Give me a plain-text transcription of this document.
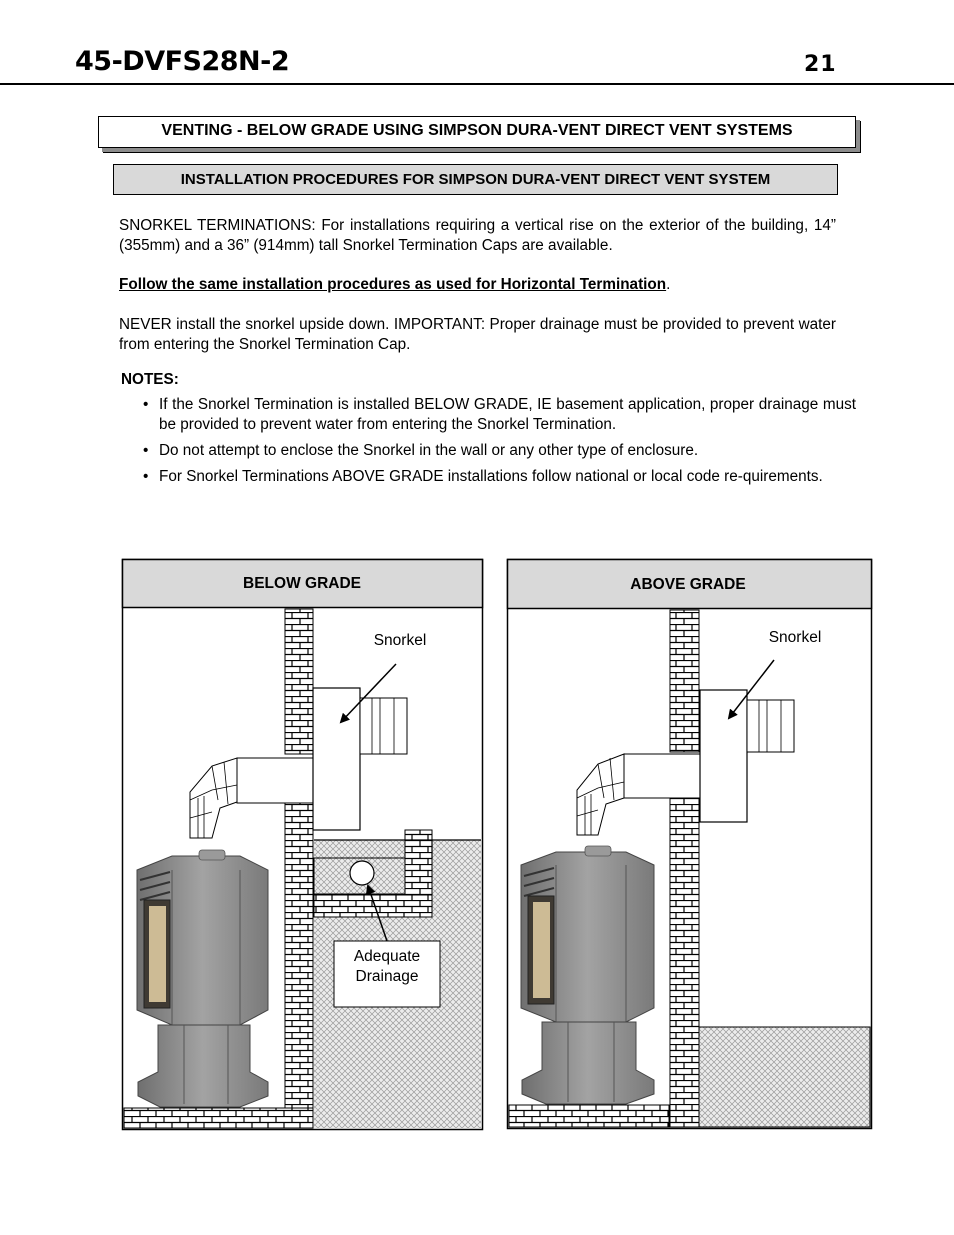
45-DVFS28N-2	21
VENTING - BELOW GRADE USING SIMPSON DURA-VENT DIRECT VENT SYSTEMS
INSTALLATION PROCEDURES FOR SIMPSON DURA-VENT DIRECT VENT SYSTEM
SNORKEL TERMINATIONS: For installations requiring a vertical rise on the exterior of the building, 14” (355mm) and a 36” (914mm) tall Snorkel Termination Caps are available.
Follow the same installation procedures as used for Horizontal Termination.
NEVER install the snorkel upside down. IMPORTANT: Proper drainage must be provided to prevent water from entering the Snorkel Termination Cap.
NOTES:
• If the Snorkel Termination is installed BELOW GRADE, IE basement application, proper drainage must be provided to prevent water from entering the Snorkel Termination.
• Do not attempt to enclose the Snorkel in the wall or any other type of enclosure.
• For Snorkel Terminations ABOVE GRADE installations follow national or local code re-quirements.
BELOW GRADE
Snorkel
Adequate
Drainage
ABOVE GRADE
Snorkel
